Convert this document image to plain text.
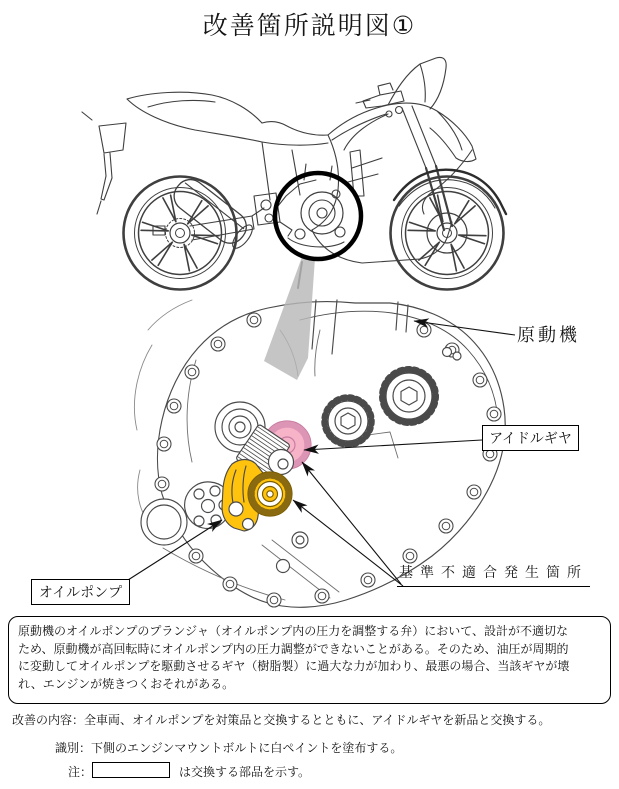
改善箇所説明図①
原動機
アイドルギヤ
基準不適合発生箇所
オイルポンプ
原動機のオイルポンプのプランジャ（オイルポンプ内の圧力を調整する弁）において、設計が不適切な
ため、原動機が高回転時にオイルポンプ内の圧力調整ができないことがある。そのため、油圧が周期的
に変動してオイルポンプを駆動させるギヤ（樹脂製）に過大な力が加わり、最悪の場合、当該ギヤが壊
れ、エンジンが焼きつくおそれがある。
改善の内容：全車両、オイルポンプを対策品と交換するとともに、アイドルギヤを新品と交換する。
識別：下側のエンジンマウントボルトに白ペイントを塗布する。
注：	は交換する部品を示す。
